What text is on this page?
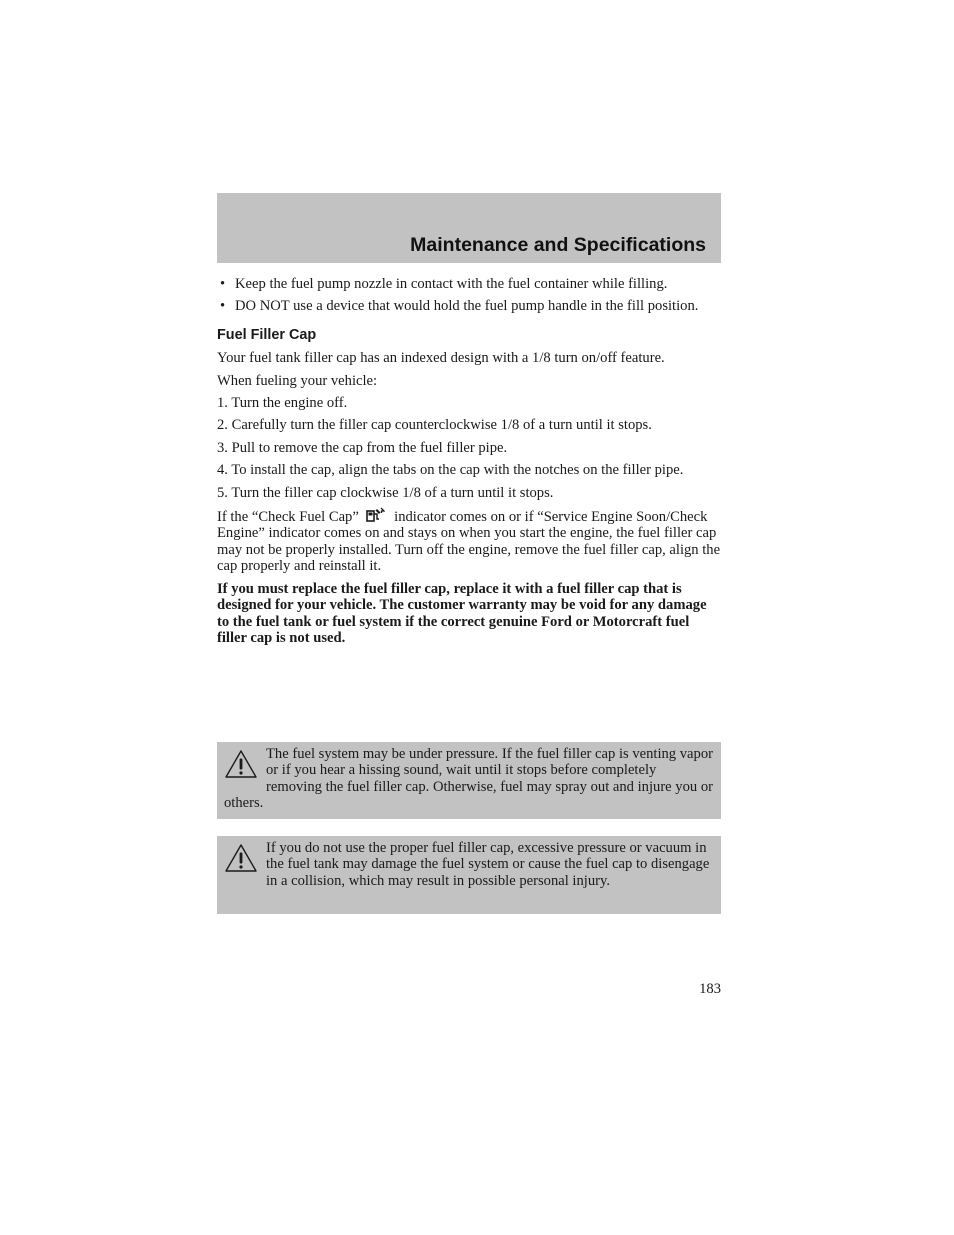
Maintenance and Specifications
• Keep the fuel pump nozzle in contact with the fuel container while filling.
• DO NOT use a device that would hold the fuel pump handle in the fill position.
Fuel Filler Cap

Your fuel tank filler cap has an indexed design with a 1/8 turn on/off feature.

When fueling your vehicle:

1. Turn the engine off.

2. Carefully turn the filler cap counterclockwise 1/8 of a turn until it stops.

3. Pull to remove the cap from the fuel filler pipe.

4. To install the cap, align the tabs on the cap with the notches on the filler pipe.

5. Turn the filler cap clockwise 1/8 of a turn until it stops.

If the “Check Fuel Cap” indicator comes on or if “Service Engine Soon/Check Engine” indicator comes on and stays on when you start the engine, the fuel filler cap may not be properly installed. Turn off the engine, remove the fuel filler cap, align the cap properly and reinstall it.

If you must replace the fuel filler cap, replace it with a fuel filler cap that is designed for your vehicle. The customer warranty may be void for any damage to the fuel tank or fuel system if the correct genuine Ford or Motorcraft fuel filler cap is not used.

The fuel system may be under pressure. If the fuel filler cap is venting vapor or if you hear a hissing sound, wait until it stops before completely removing the fuel filler cap. Otherwise, fuel may spray out and injure you or others.
If you do not use the proper fuel filler cap, excessive pressure or vacuum in the fuel tank may damage the fuel system or cause the fuel cap to disengage in a collision, which may result in possible personal injury.
183
